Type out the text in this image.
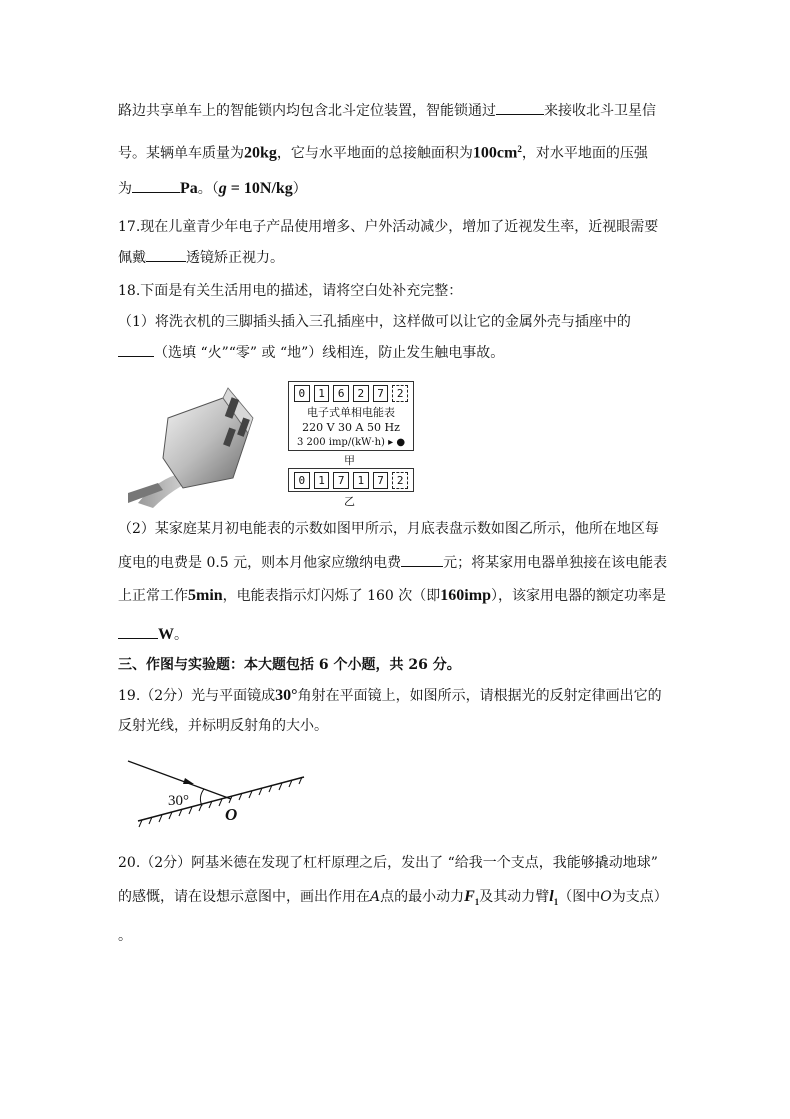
路边共享单车上的智能锁内均包含北斗定位装置，智能锁通过	来接收北斗卫星信
号。某辆单车质量为20kg，它与水平地面的总接触面积为$100cm^2$，对水平地面的压强
为	Pa。（g = 10N/kg）
17.现在儿童青少年电子产品使用增多、户外活动减少，增加了近视发生率，近视眼需要
佩戴	透镜矫正视力。
18.下面是有关生活用电的描述，请将空白处补充完整：
（1）将洗衣机的三脚插头插入三孔插座中，这样做可以让它的金属外壳与插座中的
（选填 “火”“零” 或 “地”）线相连，防止发生触电事故。
0	1	6	2	7	2
电子式单相电能表
220 V 30 A 50 Hz
3 200 imp/(kW·h) ▸ ●
甲
0	1	7	1	7	2
乙
（2）某家庭某月初电能表的示数如图甲所示，月底表盘示数如图乙所示，他所在地区每
度电的电费是 0.5 元，则本月他家应缴纳电费	元；将某家用电器单独接在该电能表
上正常工作5min，电能表指示灯闪烁了 160 次（即160imp），该家用电器的额定功率是
W。
三、作图与实验题：本大题包括 6 个小题，共 26 分。
19.（2分）光与平面镜成30°角射在平面镜上，如图所示，请根据光的反射定律画出它的
反射光线，并标明反射角的大小。
30°
O
20.（2分）阿基米德在发现了杠杆原理之后，发出了 “给我一个支点，我能够撬动地球”
的感慨，请在设想示意图中，画出作用在A点的最小动力$F_1$及其动力臂$l_1$（图中O为支点）
。
